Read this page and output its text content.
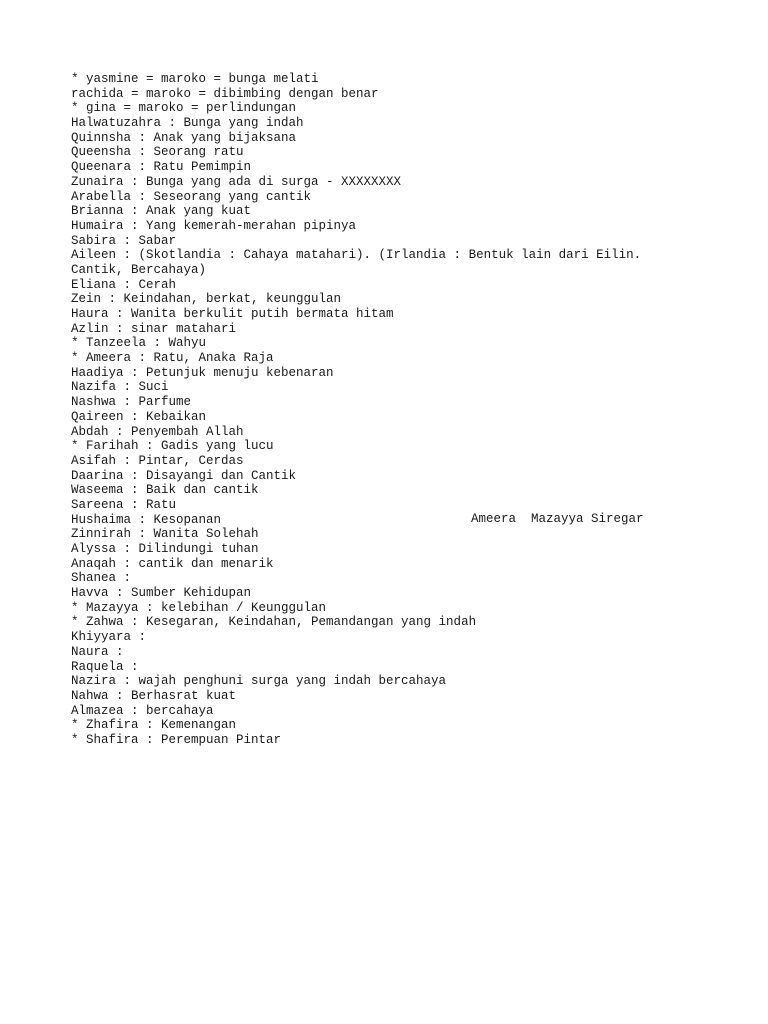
* yasmine = maroko = bunga melati
rachida = maroko = dibimbing dengan benar
* gina = maroko = perlindungan
Halwatuzahra : Bunga yang indah
Quinnsha : Anak yang bijaksana
Queensha : Seorang ratu
Queenara : Ratu Pemimpin
Zunaira : Bunga yang ada di surga - XXXXXXXX
Arabella : Seseorang yang cantik
Brianna : Anak yang kuat
Humaira : Yang kemerah-merahan pipinya
Sabira : Sabar
Aileen : (Skotlandia : Cahaya matahari). (Irlandia : Bentuk lain dari Eilin.
Cantik, Bercahaya)
Eliana : Cerah
Zein : Keindahan, berkat, keunggulan
Haura : Wanita berkulit putih bermata hitam
Azlin : sinar matahari
* Tanzeela : Wahyu
* Ameera : Ratu, Anaka Raja
Haadiya : Petunjuk menuju kebenaran
Nazifa : Suci
Nashwa : Parfume
Qaireen : Kebaikan
Abdah : Penyembah Allah
* Farihah : Gadis yang lucu
Asifah : Pintar, Cerdas
Daarina : Disayangi dan Cantik
Waseema : Baik dan cantik
Sareena : Ratu
Hushaima : Kesopanan
Zinnirah : Wanita Solehah
Alyssa : Dilindungi tuhan
Anaqah : cantik dan menarik
Shanea :
Havva : Sumber Kehidupan
* Mazayya : kelebihan / Keunggulan
* Zahwa : Kesegaran, Keindahan, Pemandangan yang indah
Khiyyara :
Naura :
Raquela :
Nazira : wajah penghuni surga yang indah bercahaya
Nahwa : Berhasrat kuat
Almazea : bercahaya
* Zhafira : Kemenangan
* Shafira : Perempuan Pintar
Ameera  Mazayya Siregar
